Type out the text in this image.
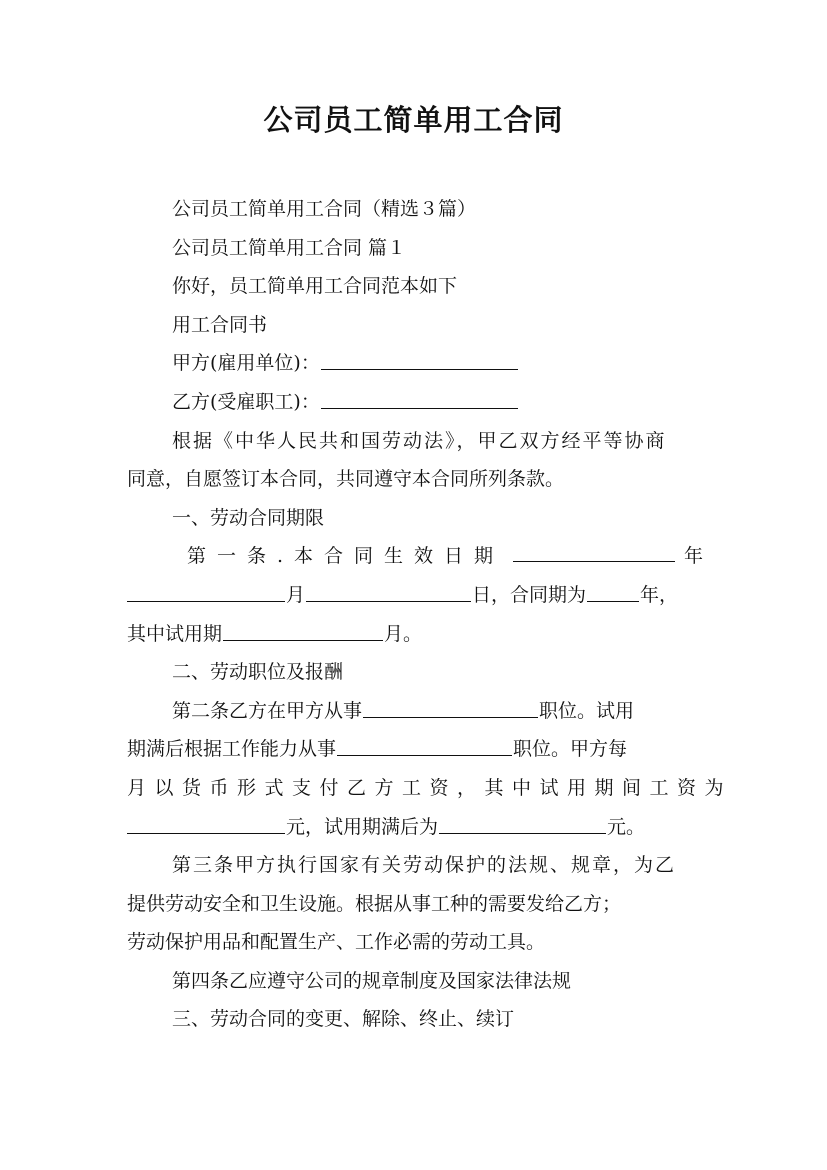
公司员工简单用工合同
公司员工简单用工合同（精选３篇）
公司员工简单用工合同 篇１
你好，员工简单用工合同范本如下
用工合同书
甲方(雇用单位)：
乙方(受雇职工)：
根据《中华人民共和国劳动法》，甲乙双方经平等协商
同意，自愿签订本合同，共同遵守本合同所列条款。
一、劳动合同期限
第一条.本合同生效日期	年
月	日，合同期为	年，
其中试用期	月。
二、劳动职位及报酬
第二条乙方在甲方从事	职位。试用
期满后根据工作能力从事	职位。甲方每
月以货币形式支付乙方工资，其中试用期间工资为
元，试用期满后为	元。
第三条甲方执行国家有关劳动保护的法规、规章，为乙
提供劳动安全和卫生设施。根据从事工种的需要发给乙方；
劳动保护用品和配置生产、工作必需的劳动工具。
第四条乙应遵守公司的规章制度及国家法律法规
三、劳动合同的变更、解除、终止、续订
